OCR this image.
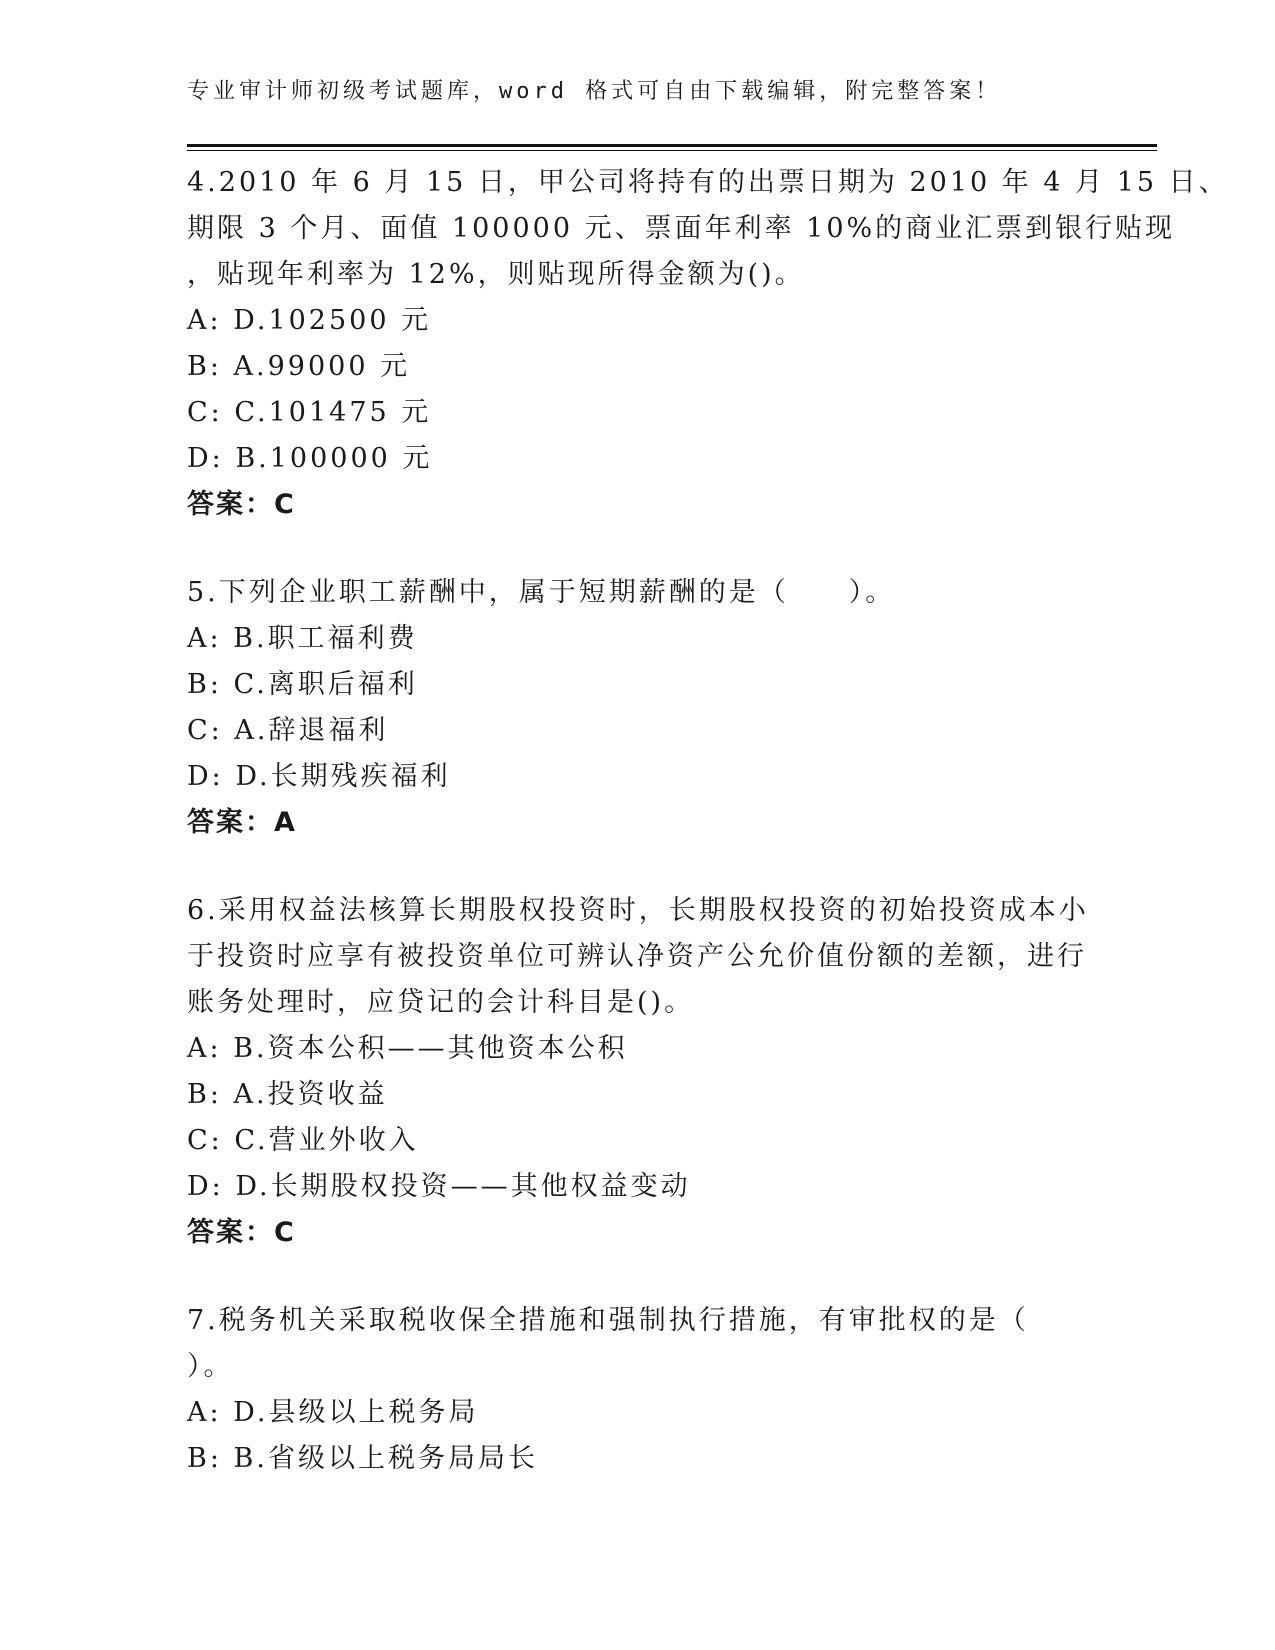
专业审计师初级考试题库，word 格式可自由下载编辑，附完整答案！
4.2010 年 6 月 15 日，甲公司将持有的出票日期为 2010 年 4 月 15 日、
期限 3 个月、面值 100000 元、票面年利率 10%的商业汇票到银行贴现
，贴现年利率为 12%，则贴现所得金额为()。
A: D.102500 元
B: A.99000 元
C: C.101475 元
D: B.100000 元
答案：C
5.下列企业职工薪酬中，属于短期薪酬的是（　　）。
A: B.职工福利费
B: C.离职后福利
C: A.辞退福利
D: D.长期残疾福利
答案：A
6.采用权益法核算长期股权投资时，长期股权投资的初始投资成本小
于投资时应享有被投资单位可辨认净资产公允价值份额的差额，进行
账务处理时，应贷记的会计科目是()。
A: B.资本公积——其他资本公积
B: A.投资收益
C: C.营业外收入
D: D.长期股权投资——其他权益变动
答案：C
7.税务机关采取税收保全措施和强制执行措施，有审批权的是（
）。
A: D.县级以上税务局
B: B.省级以上税务局局长
